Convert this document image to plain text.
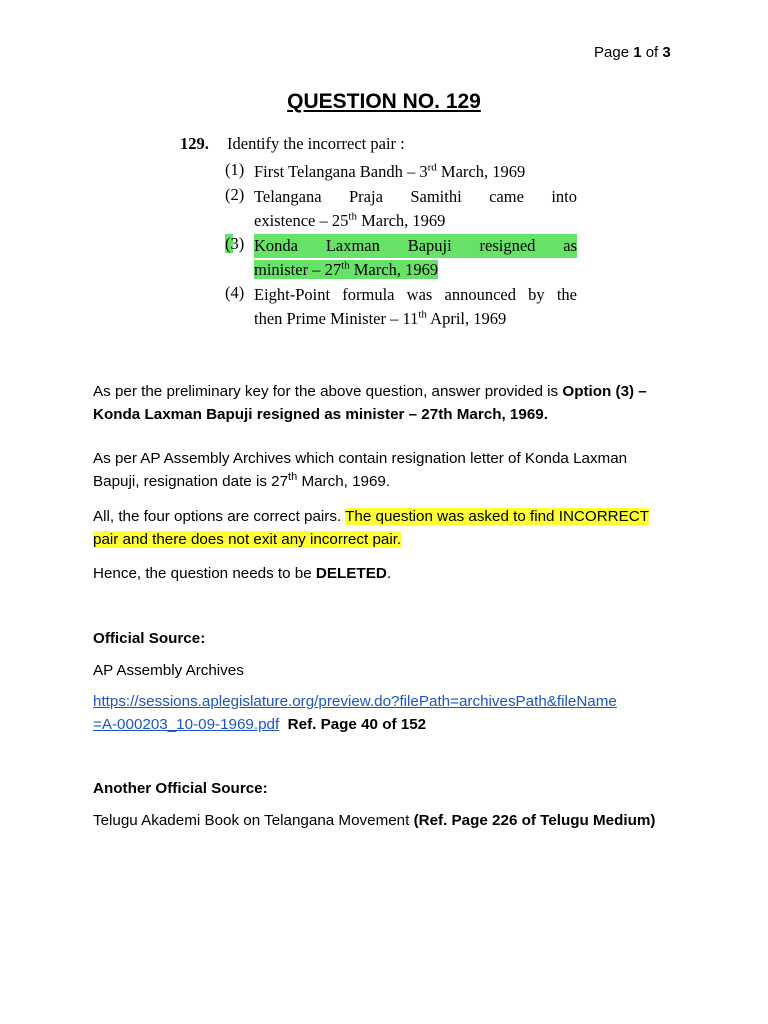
Page 1 of 3
QUESTION NO. 129
129. Identify the incorrect pair :
(1) First Telangana Bandh – 3rd March, 1969
(2) Telangana Praja Samithi came into
existence – 25th March, 1969

(3) Konda Laxman Bapuji resigned as
minister – 27th March, 1969
(4) Eight-Point formula was announced by the
then Prime Minister – 11th April, 1969
As per the preliminary key for the above question, answer provided is Option (3) – Konda Laxman Bapuji resigned as minister – 27th March, 1969.
As per AP Assembly Archives which contain resignation letter of Konda Laxman Bapuji, resignation date is 27th March, 1969.
All, the four options are correct pairs. The question was asked to find INCORRECT pair and there does not exit any incorrect pair.
Hence, the question needs to be DELETED.
Official Source:
AP Assembly Archives
https://sessions.aplegislature.org/preview.do?filePath=archivesPath&fileName
=A-000203_10-09-1969.pdf Ref. Page 40 of 152
Another Official Source:
Telugu Akademi Book on Telangana Movement (Ref. Page 226 of Telugu Medium)
